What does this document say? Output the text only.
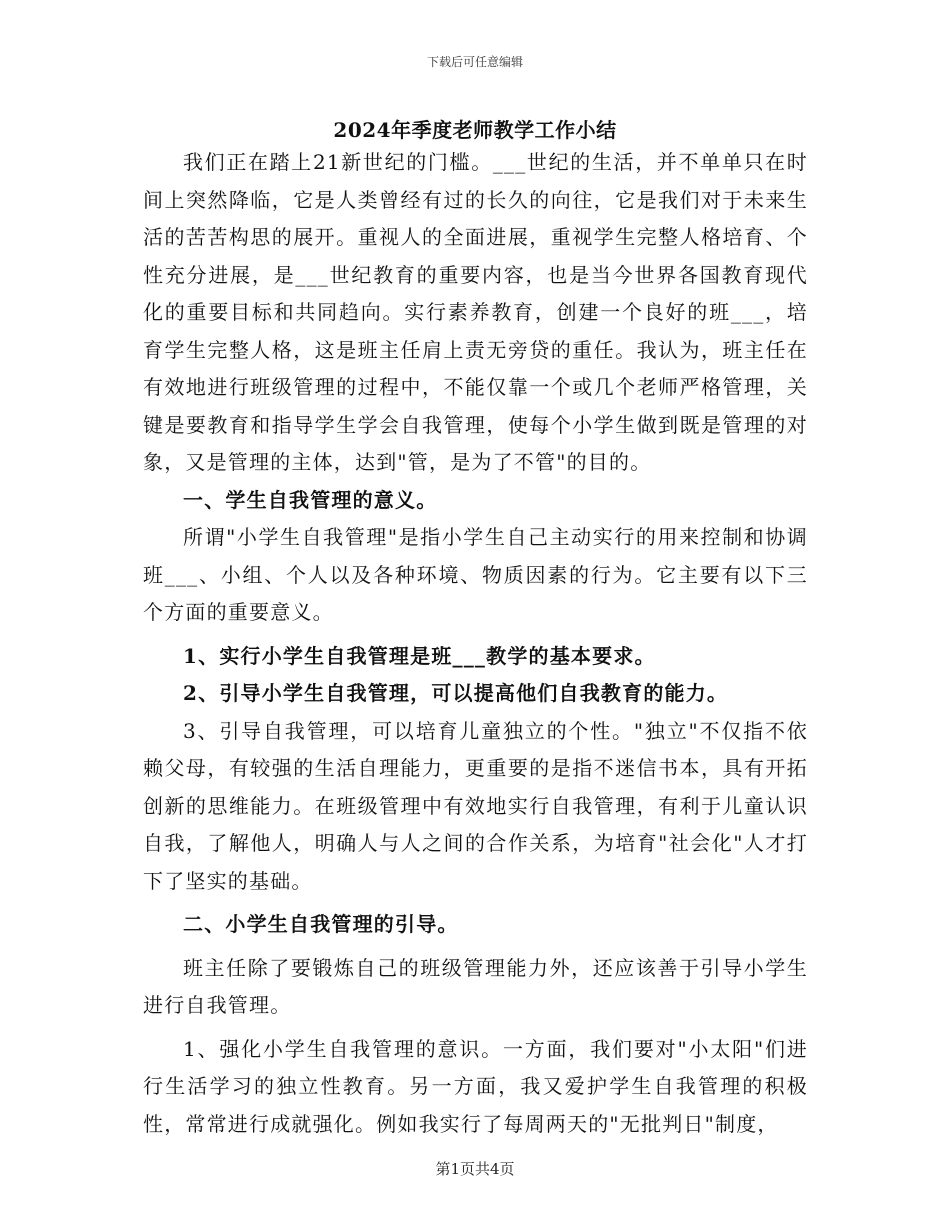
下载后可任意编辑
2024年季度老师教学工作小结

我们正在踏上21新世纪的门槛。___世纪的生活，并不单单只在时间上突然降临，它是人类曾经有过的长久的向往，它是我们对于未来生活的苦苦构思的展开。重视人的全面进展，重视学生完整人格培育、个性充分进展，是___世纪教育的重要内容，也是当今世界各国教育现代化的重要目标和共同趋向。实行素养教育，创建一个良好的班___，培育学生完整人格，这是班主任肩上责无旁贷的重任。我认为，班主任在有效地进行班级管理的过程中，不能仅靠一个或几个老师严格管理，关键是要教育和指导学生学会自我管理，使每个小学生做到既是管理的对象，又是管理的主体，达到"管，是为了不管"的目的。

一、学生自我管理的意义。

所谓"小学生自我管理"是指小学生自己主动实行的用来控制和协调班___、小组、个人以及各种环境、物质因素的行为。它主要有以下三个方面的重要意义。

1、实行小学生自我管理是班___教学的基本要求。

2、引导小学生自我管理，可以提高他们自我教育的能力。

3、引导自我管理，可以培育儿童独立的个性。"独立"不仅指不依赖父母，有较强的生活自理能力，更重要的是指不迷信书本，具有开拓创新的思维能力。在班级管理中有效地实行自我管理，有利于儿童认识自我，了解他人，明确人与人之间的合作关系，为培育"社会化"人才打下了坚实的基础。

二、小学生自我管理的引导。

班主任除了要锻炼自己的班级管理能力外，还应该善于引导小学生进行自我管理。

1、强化小学生自我管理的意识。一方面，我们要对"小太阳"们进行生活学习的独立性教育。另一方面，我又爱护学生自我管理的积极性，常常进行成就强化。例如我实行了每周两天的"无批判日"制度，

第1页共4页
